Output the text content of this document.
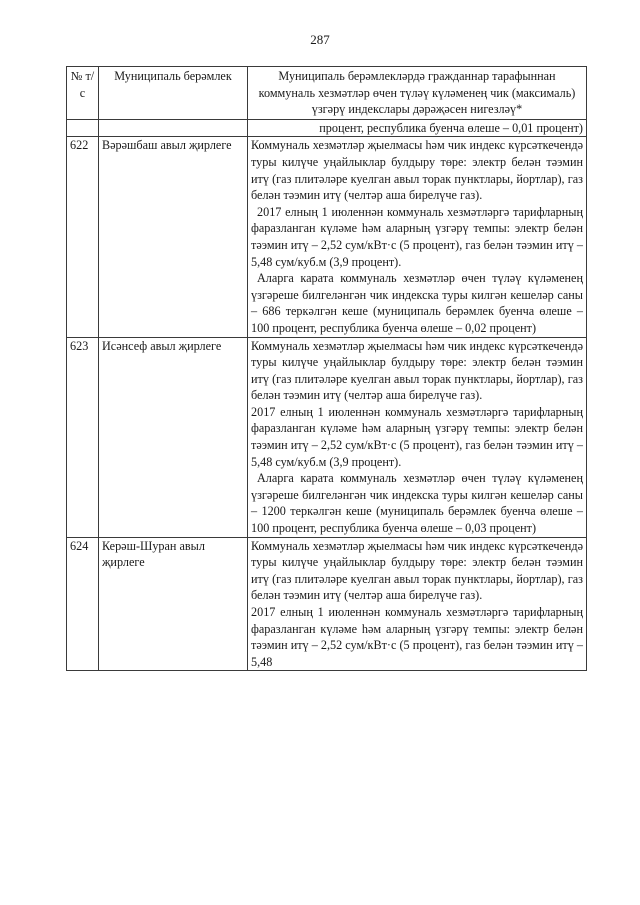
287
№ т/с	Муниципаль берәмлек	Муниципаль берәмлекләрдә гражданнар тарафыннан коммуналь хезмәтләр өчен түләү күләменең чик (максималь) үзгәрү индекслары дәрәҗәсен нигезләү*

		процент, республика буенча өлеше – 0,01 процент)
622	Вәрәшбаш авыл җирлеге	Коммуналь хезмәтләр җыелмасы һәм чик индекс күрсәткечендә туры килүче уңайлыклар булдыру төре: электр белән тәэмин итү (газ плитәләре куелган авыл торак пунктлары, йортлар), газ белән тәэмин итү (челтәр аша бирелүче газ).

2017 елның 1 июленнән коммуналь хезмәтләргә тарифларның фаразланган күләме һәм аларның үзгәрү темпы: электр белән тәэмин итү – 2,52 сум/кВт·с (5 процент), газ белән тәэмин итү – 5,48 сум/куб.м (3,9 процент).

Аларга карата коммуналь хезмәтләр өчен түләү күләменең үзгәреше билгеләнгән чик индекска туры килгән кешеләр саны – 686 теркәлгән кеше (муниципаль берәмлек буенча өлеше – 100 процент, республика буенча өлеше – 0,02 процент)

623	Исәнсеф авыл җирлеге	Коммуналь хезмәтләр җыелмасы һәм чик индекс күрсәткечендә туры килүче уңайлыклар булдыру төре: электр белән тәэмин итү (газ плитәләре куелган авыл торак пунктлары, йортлар), газ белән тәэмин итү (челтәр аша бирелүче газ).

2017 елның 1 июленнән коммуналь хезмәтләргә тарифларның фаразланган күләме һәм аларның үзгәрү темпы: электр белән тәэмин итү – 2,52 сум/кВт·с (5 процент), газ белән тәэмин итү – 5,48 сум/куб.м (3,9 процент).

Аларга карата коммуналь хезмәтләр өчен түләү күләменең үзгәреше билгеләнгән чик индекска туры килгән кешеләр саны – 1200 теркәлгән кеше (муниципаль берәмлек буенча өлеше – 100 процент, республика буенча өлеше – 0,03 процент)

624	Керәш-Шуран авыл җирлеге	Коммуналь хезмәтләр җыелмасы һәм чик индекс күрсәткечендә туры килүче уңайлыклар булдыру төре: электр белән тәэмин итү (газ плитәләре куелган авыл торак пунктлары, йортлар), газ белән тәэмин итү (челтәр аша бирелүче газ).

2017 елның 1 июленнән коммуналь хезмәтләргә тарифларның фаразланган күләме һәм аларның үзгәрү темпы: электр белән тәэмин итү – 2,52 сум/кВт·с (5 процент), газ белән тәэмин итү – 5,48
